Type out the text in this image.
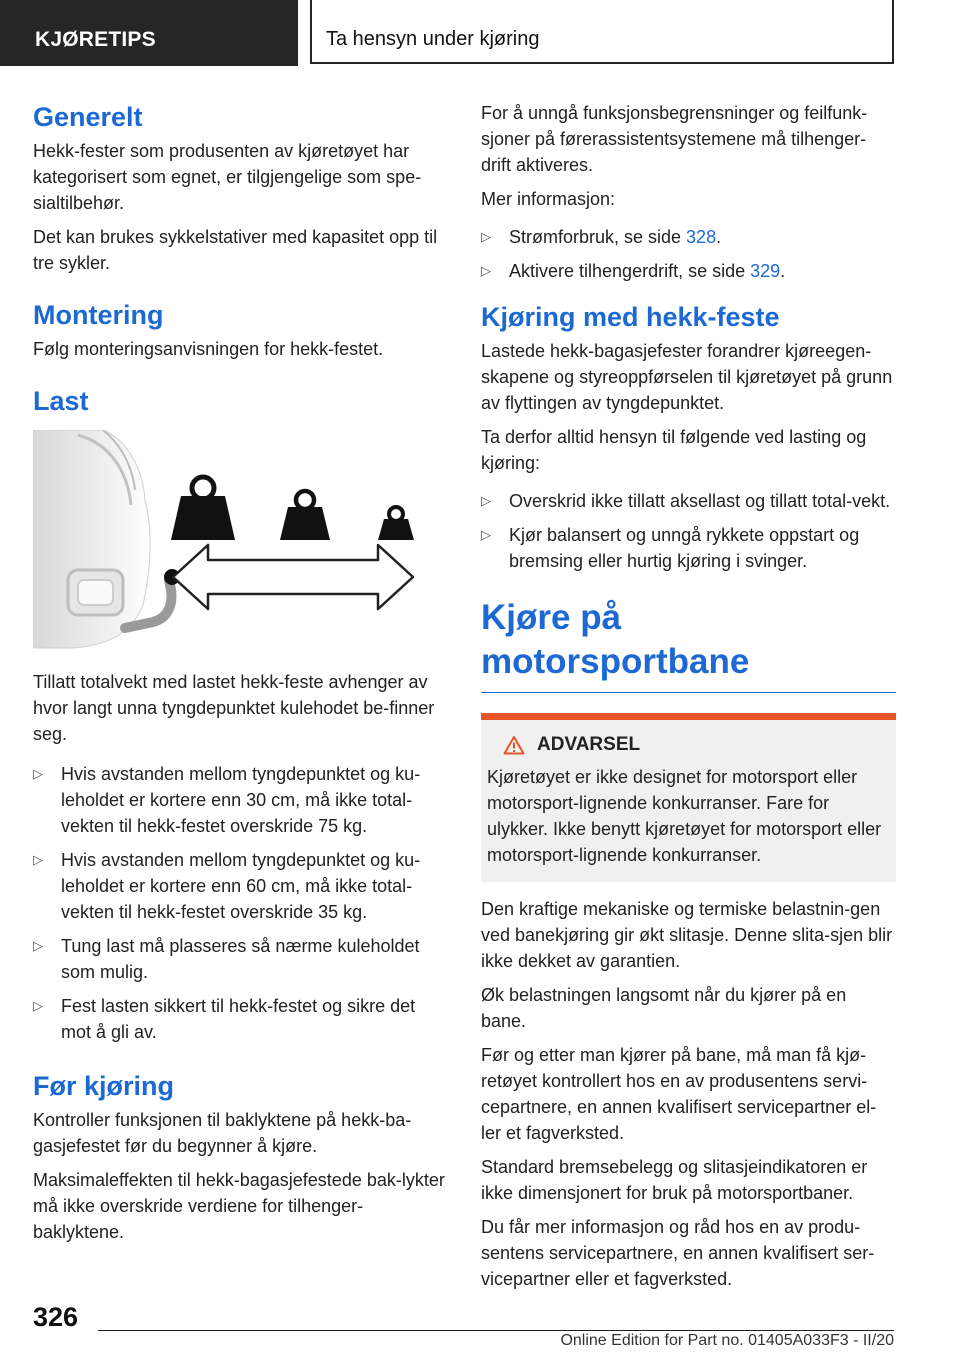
KJØRETIPS	Ta hensyn under kjøring
Generelt

Hekk-fester som produsenten av kjøretøyet har kategorisert som egnet, er tilgjengelige som spe-sialtilbehør.

Det kan brukes sykkelstativer med kapasitet opp til tre sykler.

Montering

Følg monteringsanvisningen for hekk-festet.

Last

Tillatt totalvekt med lastet hekk-feste avhenger av hvor langt unna tyngdepunktet kulehodet be-finner seg.

▷ Hvis avstanden mellom tyngdepunktet og ku-leholdet er kortere enn 30 cm, må ikke total-vekten til hekk-festet overskride 75 kg.
▷ Hvis avstanden mellom tyngdepunktet og ku-leholdet er kortere enn 60 cm, må ikke total-vekten til hekk-festet overskride 35 kg.
▷ Tung last må plasseres så nærme kuleholdet som mulig.
▷ Fest lasten sikkert til hekk-festet og sikre det mot å gli av.
Før kjøring

Kontroller funksjonen til baklyktene på hekk-ba-gasjefestet før du begynner å kjøre.

Maksimaleffekten til hekk-bagasjefestede bak-lykter må ikke overskride verdiene for tilhenger-baklyktene.

For å unngå funksjonsbegrensninger og feilfunk-sjoner på førerassistentsystemene må tilhenger-drift aktiveres.

Mer informasjon:

▷ Strømforbruk, se side 328.
▷ Aktivere tilhengerdrift, se side 329.
Kjøring med hekk-feste

Lastede hekk-bagasjefester forandrer kjøreegen-skapene og styreoppførselen til kjøretøyet på grunn av flyttingen av tyngdepunktet.

Ta derfor alltid hensyn til følgende ved lasting og kjøring:

▷ Overskrid ikke tillatt aksellast og tillatt total-vekt.
▷ Kjør balansert og unngå rykkete oppstart og bremsing eller hurtig kjøring i svinger.
Kjøre på motorsportbane
ADVARSEL

Kjøretøyet er ikke designet for motorsport eller motorsport-lignende konkurranser. Fare for ulykker. Ikke benytt kjøretøyet for motorsport eller motorsport-lignende konkurranser.

Den kraftige mekaniske og termiske belastnin-gen ved banekjøring gir økt slitasje. Denne slita-sjen blir ikke dekket av garantien.

Øk belastningen langsomt når du kjører på en bane.

Før og etter man kjører på bane, må man få kjø-retøyet kontrollert hos en av produsentens servi-cepartnere, en annen kvalifisert servicepartner el-ler et fagverksted.

Standard bremsebelegg og slitasjeindikatoren er ikke dimensjonert for bruk på motorsportbaner.

Du får mer informasjon og råd hos en av produ-sentens servicepartnere, en annen kvalifisert ser-vicepartner eller et fagverksted.

326
Online Edition for Part no. 01405A033F3 - II/20
